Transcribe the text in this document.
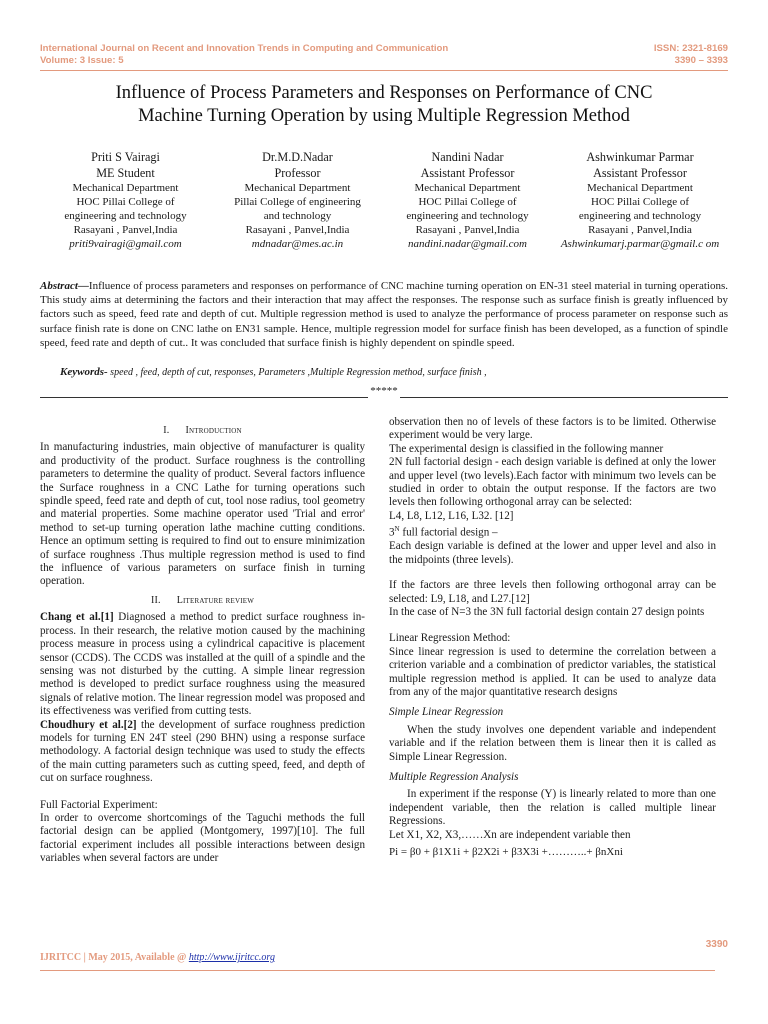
International Journal on Recent and Innovation Trends in Computing and Communication
Volume: 3 Issue: 5
ISSN: 2321-8169
3390 – 3393
Influence of Process Parameters and Responses on Performance of CNC
Machine Turning Operation by using Multiple Regression Method
Priti S Vairagi
ME Student
Mechanical Department
HOC Pillai College of
engineering and technology
Rasayani , Panvel,India
priti9vairagi@gmail.com
Dr.M.D.Nadar
Professor
Mechanical Department
Pillai College of engineering
and technology
Rasayani , Panvel,India
mdnadar@mes.ac.in
Nandini Nadar
Assistant Professor
Mechanical Department
HOC Pillai College of
engineering and technology
Rasayani , Panvel,India
nandini.nadar@gmail.com
Ashwinkumar Parmar
Assistant Professor
Mechanical Department
HOC Pillai College of
engineering and technology
Rasayani , Panvel,India
Ashwinkumarj.parmar@gmail.c om
Abstract—Influence of process parameters and responses on performance of CNC machine turning operation on EN-31 steel material in turning operations. This study aims at determining the factors and their interaction that may affect the responses. The response such as surface finish is greatly influenced by factors such as speed, feed rate and depth of cut. Multiple regression method is used to analyze the performance of process parameter on response such as surface finish rate is done on CNC lathe on EN31 sample. Hence, multiple regression model for surface finish has been developed, as a function of spindle speed, feed rate and depth of cut.. It was concluded that surface finish is highly dependent on spindle speed.
Keywords- speed , feed, depth of cut, responses, Parameters ,Multiple Regression method, surface finish ,
*****

I. Introduction

In manufacturing industries, main objective of manufacturer is quality and productivity of the product. Surface roughness is the controlling parameters to determine the quality of product. Several factors influence the Surface roughness in a CNC Lathe for turning operations such spindle speed, feed rate and depth of cut, tool nose radius, tool geometry and material properties. Some machine operator used 'Trial and error' method to set-up turning operation lathe machine cutting conditions. Hence an optimum setting is required to find out to ensure minimization of surface roughness .Thus multiple regression method is used to find the influence of various parameters on surface finish in turning operation.

II. Literature review

Chang et al.[1] Diagnosed a method to predict surface roughness in-process. In their research, the relative motion caused by the machining process measure in process using a cylindrical capacitive is placement sensor (CCDS). The CCDS was installed at the quill of a spindle and the sensing was not disturbed by the cutting. A simple linear regression method is developed to predict surface roughness using the measured signals of relative motion. The linear regression model was proposed and its effectiveness was verified from cutting tests.

Choudhury et al.[2] the development of surface roughness prediction models for turning EN 24T steel (290 BHN) using a response surface methodology. A factorial design technique was used to study the effects of the main cutting parameters such as cutting speed, feed, and depth of cut on surface roughness.

Full Factorial Experiment:

In order to overcome shortcomings of the Taguchi methods the full factorial design can be applied (Montgomery, 1997)[10]. The full factorial experiment includes all possible interactions between design variables when several factors are under

observation then no of levels of these factors is to be limited. Otherwise experiment would be very large.

The experimental design is classified in the following manner

2N full factorial design - each design variable is defined at only the lower and upper level (two levels).Each factor with minimum two levels can be studied in order to obtain the output response. If the factors are two levels then following orthogonal array can be selected:

L4, L8, L12, L16, L32. [12]

$3^N$ full factorial design –

Each design variable is defined at the lower and upper level and also in the midpoints (three levels).

If the factors are three levels then following orthogonal array can be selected: L9, L18, and L27.[12]

In the case of N=3 the 3N full factorial design contain 27 design points

Linear Regression Method:

Since linear regression is used to determine the correlation between a criterion variable and a combination of predictor variables, the statistical multiple regression method is applied. It can be used to analyze data from any of the major quantitative research designs

Simple Linear Regression

When the study involves one dependent variable and independent variable and if the relation between them is linear then it is called as Simple Linear Regression.

Multiple Regression Analysis

In experiment if the response (Y) is linearly related to more than one independent variable, then the relation is called multiple linear Regressions.

Let X1, X2, X3,……Xn are independent variable then

Pi = β0 + β1X1i + β2X2i + β3X3i +………..+ βnXni

3390
IJRITCC | May 2015, Available @ http://www.ijritcc.org
